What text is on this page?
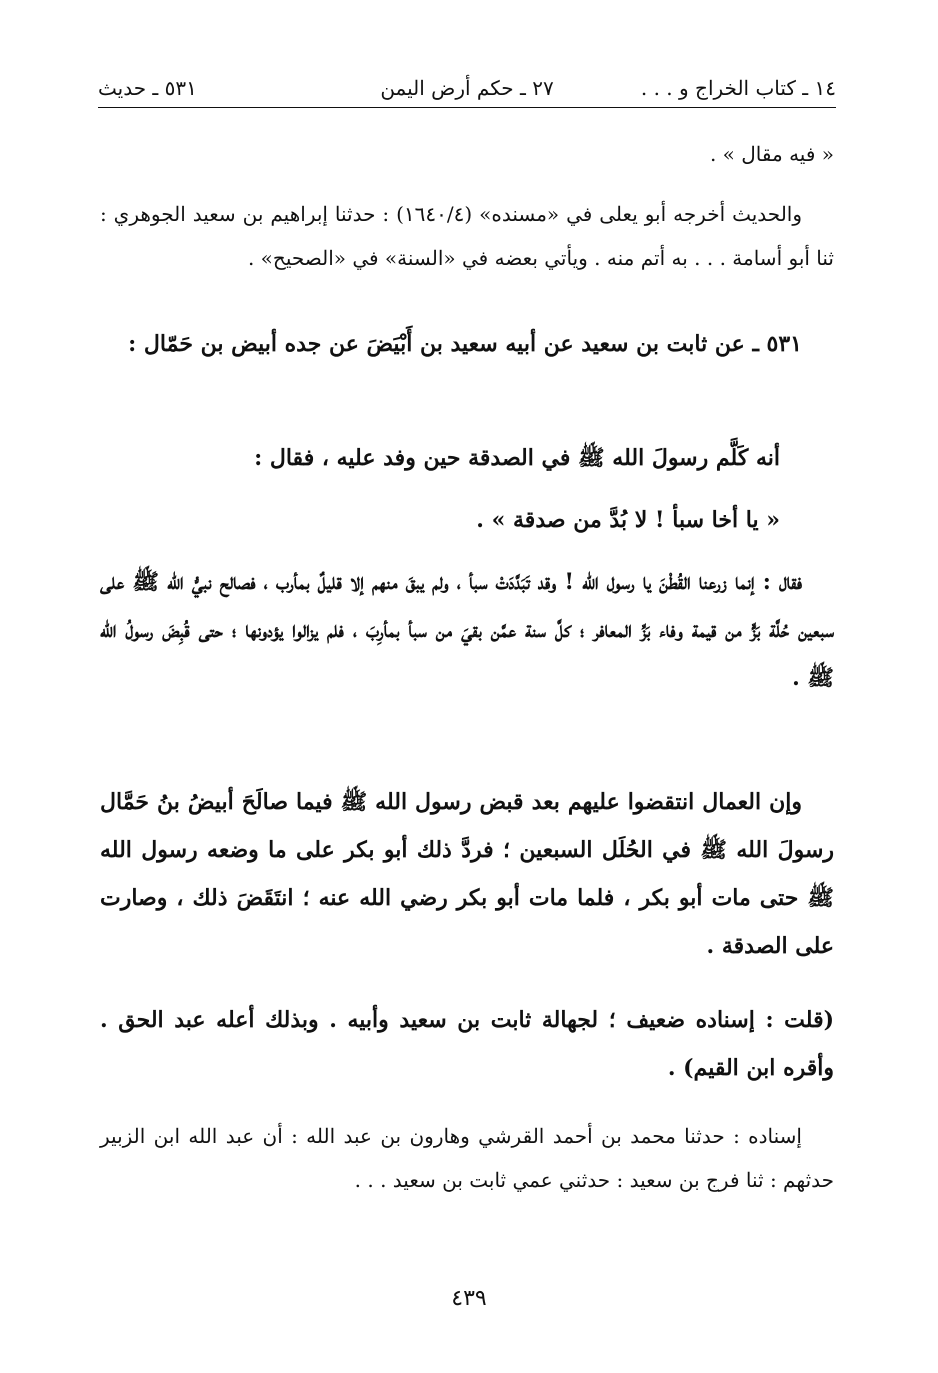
١٤ ـ كتاب الخراج و . . .
٢٧ ـ حكم أرض اليمن
٥٣١ ـ حديث
« فيه مقال » .
والحديث أخرجه أبو يعلى في «مسنده» (١٦٤٠/٤) : حدثنا إبراهيم بن سعيد الجوهري : ثنا أبو أسامة . . . به أتم منه . ويأتي بعضه في «السنة» في «الصحيح» .
٥٣١ ـ عن ثابت بن سعيد عن أبيه سعيد بن أَبْيَضَ عن جده أبيض بن حَمّال :
أنه كَلَّم رسولَ الله ﷺ في الصدقة حين وفد عليه ، فقال :
« يا أخا سبأ ! لا بُدَّ من صدقة » .
فقال : إنما زرعنا القُطْنَ يا رسول الله ! وقد تَبَدَّدَتْ سبأ ، ولم يبقَ منهم إلا قليلٌ بمأرب ، فصالح نبيُّ الله ﷺ على سبعين حُلَّة بَزٍّ من قيمة وفاء بَزِّ المعافر ؛ كلَّ سنة عمَّن بقيَ من سبأ بمأرِبَ ، فلم يزالوا يؤدونها ؛ حتى قُبِضَ رسولُ الله ﷺ .
وإن العمال انتقضوا عليهم بعد قبض رسول الله ﷺ فيما صالَحَ أبيضُ بنُ حَمَّال رسولَ الله ﷺ في الحُلَل السبعين ؛ فردَّ ذلك أبو بكر على ما وضعه رسول الله ﷺ حتى مات أبو بكر ، فلما مات أبو بكر رضي الله عنه ؛ انتَقَضَ ذلك ، وصارت على الصدقة .
(قلت : إسناده ضعيف ؛ لجهالة ثابت بن سعيد وأبيه . وبذلك أعله عبد الحق . وأقره ابن القيم) .
إسناده : حدثنا محمد بن أحمد القرشي وهارون بن عبد الله : أن عبد الله ابن الزبير حدثهم : ثنا فرج بن سعيد : حدثني عمي ثابت بن سعيد . . .
٤٣٩
